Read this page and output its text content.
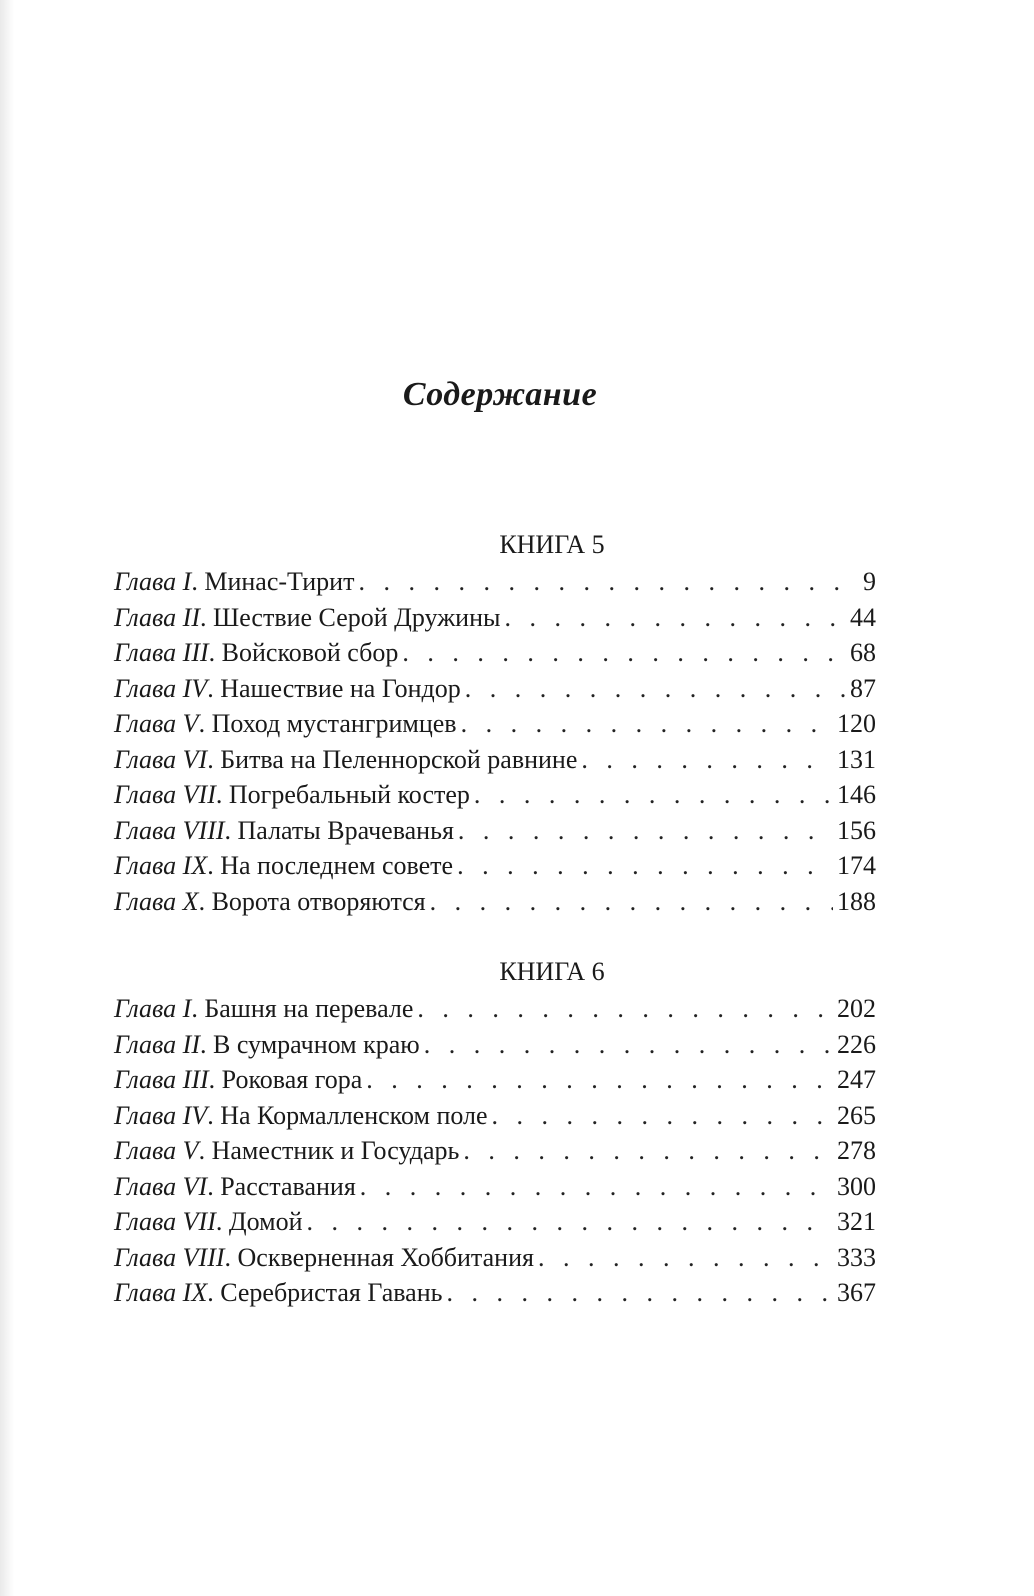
Содержание
КНИГА 5
Глава I . Минас-Тирит . . .	9
Глава II . Шествие Серой Дружины . . .	44
Глава III . Войсковой сбор . . .	68
Глава IV . Нашествие на Гондор . . .	87
Глава V . Поход мустангримцев . . .	120
Глава VI . Битва на Пеленнорской равнине . . .	131
Глава VII . Погребальный костер . . .	146
Глава VIII . Палаты Врачеванья . . .	156
Глава IX . На последнем совете . . .	174
Глава X . Ворота отворяются . . .	188
КНИГА 6
Глава I . Башня на перевале . . .	202
Глава II . В сумрачном краю . . .	226
Глава III . Роковая гора . . .	247
Глава IV . На Кормалленском поле . . .	265
Глава V . Наместник и Государь . . .	278
Глава VI . Расставания . . .	300
Глава VII . Домой . . .	321
Глава VIII . Оскверненная Хоббитания . . .	333
Глава IX . Серебристая Гавань . . .	367
